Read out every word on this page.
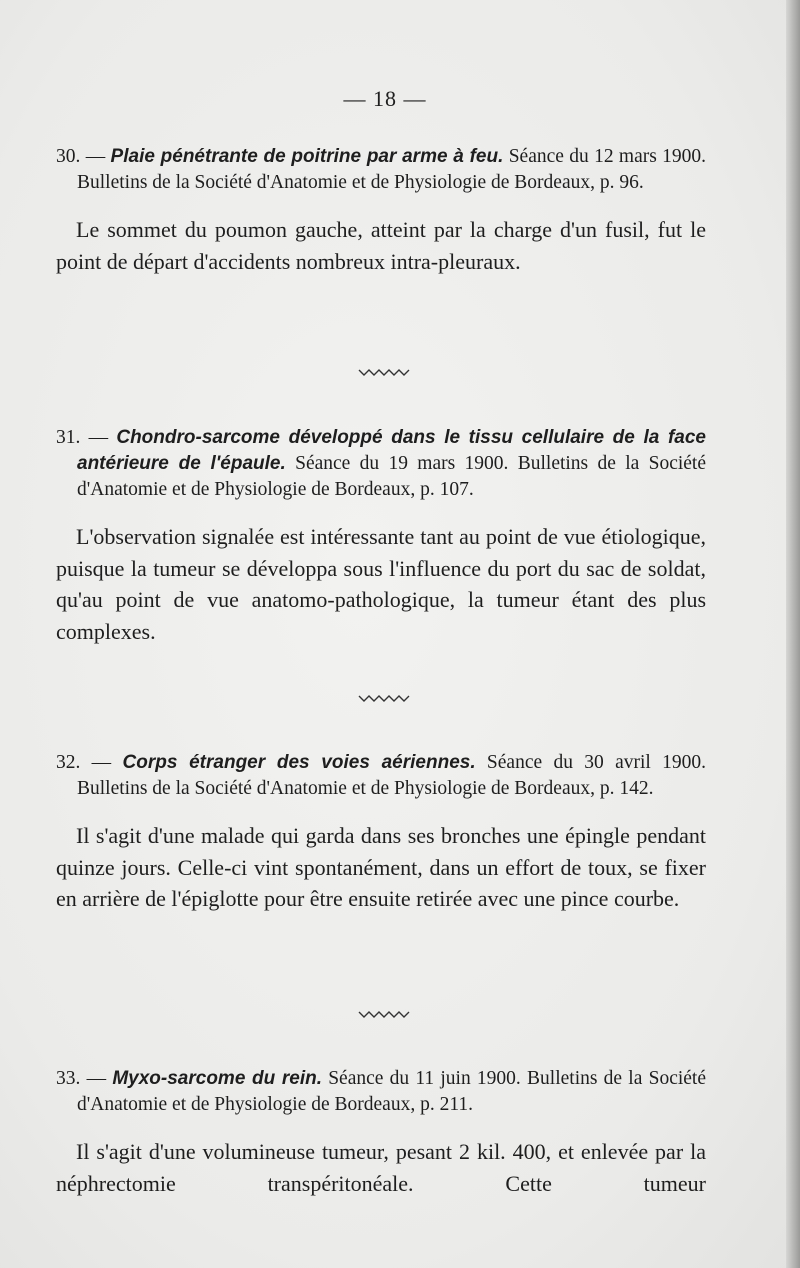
— 18 —
30. — Plaie pénétrante de poitrine par arme à feu. Séance du 12 mars 1900. Bulletins de la Société d'Anatomie et de Physiologie de Bordeaux, p. 96.
Le sommet du poumon gauche, atteint par la charge d'un fusil, fut le point de départ d'accidents nombreux intra-pleuraux.
31. — Chondro-sarcome développé dans le tissu cellulaire de la face antérieure de l'épaule. Séance du 19 mars 1900. Bulletins de la Société d'Anatomie et de Physiologie de Bordeaux, p. 107.
L'observation signalée est intéressante tant au point de vue étiologique, puisque la tumeur se développa sous l'influence du port du sac de soldat, qu'au point de vue anatomo-pathologique, la tumeur étant des plus complexes.
32. — Corps étranger des voies aériennes. Séance du 30 avril 1900. Bulletins de la Société d'Anatomie et de Physiologie de Bordeaux, p. 142.
Il s'agit d'une malade qui garda dans ses bronches une épingle pendant quinze jours. Celle-ci vint spontanément, dans un effort de toux, se fixer en arrière de l'épiglotte pour être ensuite retirée avec une pince courbe.
33. — Myxo-sarcome du rein. Séance du 11 juin 1900. Bulletins de la Société d'Anatomie et de Physiologie de Bordeaux, p. 211.
Il s'agit d'une volumineuse tumeur, pesant 2 kil. 400, et enlevée par la néphrectomie transpéritonéale. Cette tumeur
